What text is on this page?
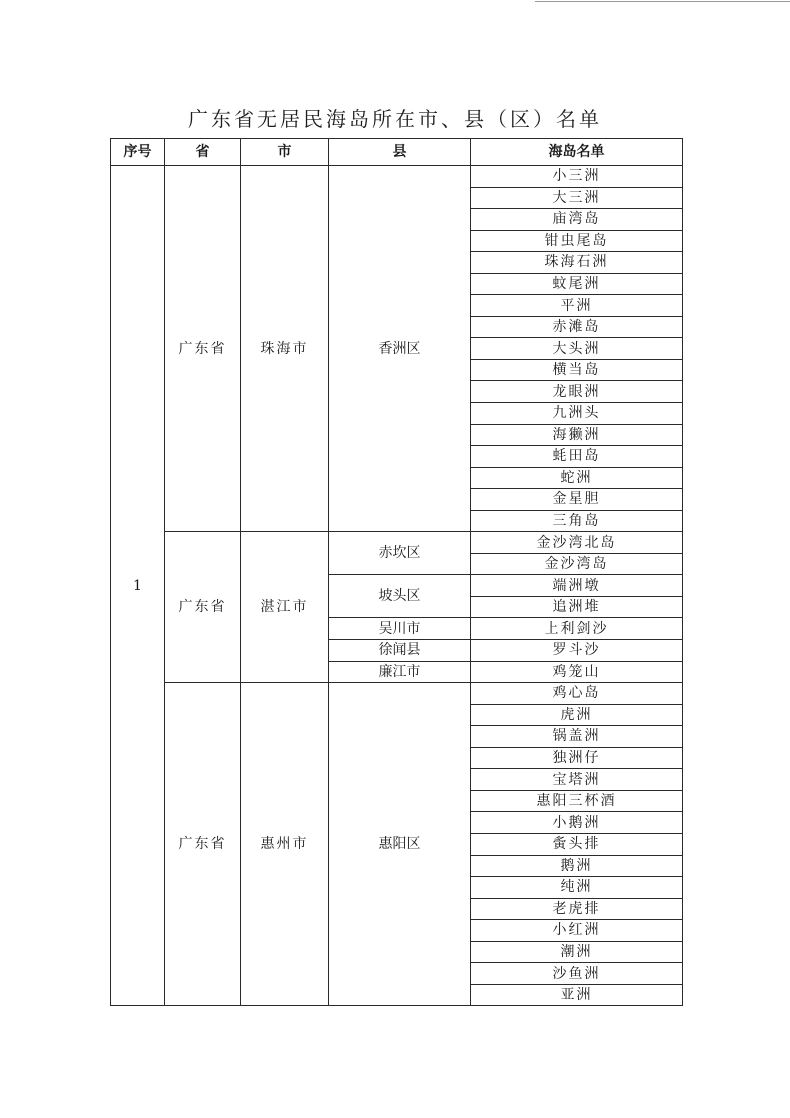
广东省无居民海岛所在市、县（区）名单
序号	省	市	县	海岛名单
1	广东省	珠海市	香洲区	小三洲
				大三洲
				庙湾岛
				钳虫尾岛
				珠海石洲
				蚊尾洲
				平洲
				赤滩岛
				大头洲
				横当岛
				龙眼洲
				九洲头
				海獭洲
				蚝田岛
				蛇洲
				金星胆
				三角岛
	广东省	湛江市	赤坎区	金沙湾北岛
				金沙湾岛
			坡头区	端洲墩
				追洲堆
			吴川市	上利剑沙
			徐闻县	罗斗沙
			廉江市	鸡笼山
	广东省	惠州市	惠阳区	鸡心岛
				虎洲
				锅盖洲
				独洲仔
				宝塔洲
				惠阳三杯酒
				小鹅洲
				夤头排
				鹅洲
				纯洲
				老虎排
				小红洲
				潮洲
				沙鱼洲
				亚洲
